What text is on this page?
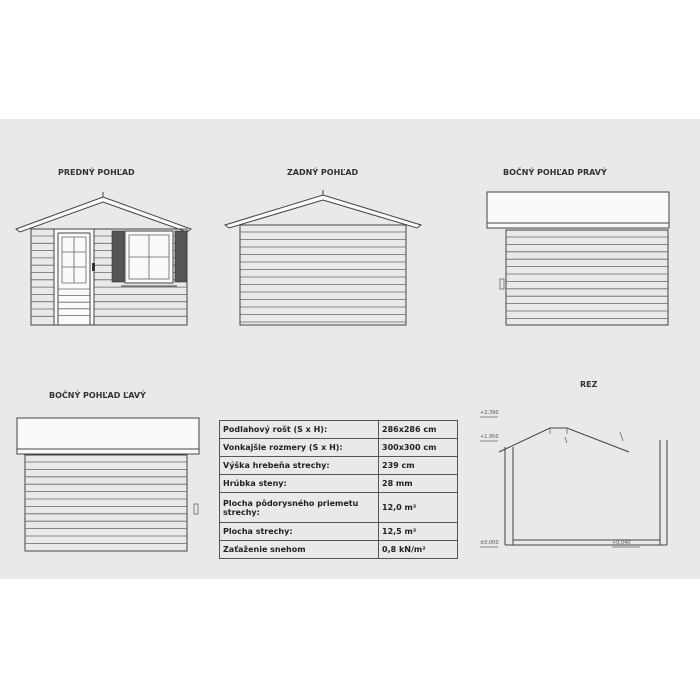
PREDNÝ POHĽAD	ZADNÝ POHĽAD	BOČNÝ POHĽAD PRAVÝ
BOČNÝ POHĽAD ĽAVÝ
REZ
+2,390
+1,950
±0,000	+0,040
Podlahový rošt (S x H):	286x286 cm
Vonkajšie rozmery (S x H):	300x300 cm
Výška hrebeňa strechy:	239 cm
Hrúbka steny:	28 mm
Plocha pôdorysného priemetu strechy:	12,0 m²
Plocha strechy:	12,5 m²
Zaťaženie snehom	0,8 kN/m²
